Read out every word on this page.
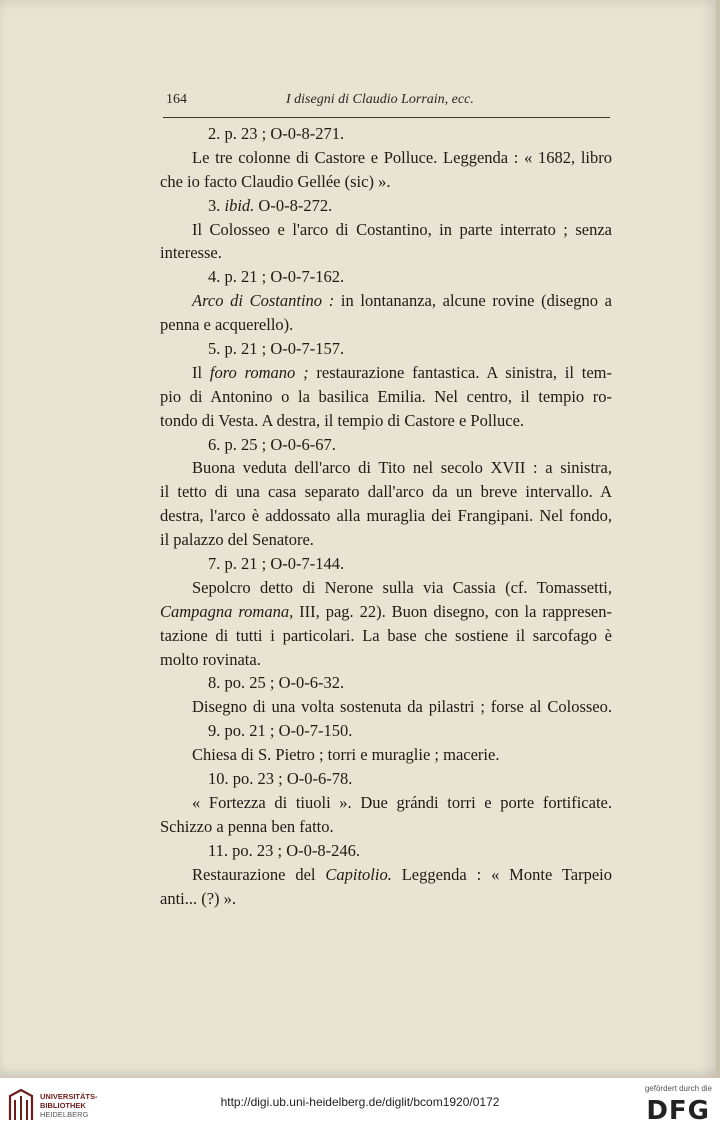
164	I disegni di Claudio Lorrain, ecc.
2. p. 23 ; O-0-8-271.
Le tre colonne di Castore e Polluce. Leggenda : « 1682, libro
che io facto Claudio Gellée (sic) ».
3. ibid. O-0-8-272.
Il Colosseo e l'arco di Costantino, in parte interrato ; senza
interesse.
4. p. 21 ; O-0-7-162.
Arco di Costantino : in lontananza, alcune rovine (disegno a
penna e acquerello).
5. p. 21 ; O-0-7-157.
Il foro romano ; restaurazione fantastica. A sinistra, il tem-
pio di Antonino o la basilica Emilia. Nel centro, il tempio ro-
tondo di Vesta. A destra, il tempio di Castore e Polluce.
6. p. 25 ; O-0-6-67.
Buona veduta dell'arco di Tito nel secolo XVII : a sinistra,
il tetto di una casa separato dall'arco da un breve intervallo. A
destra, l'arco è addossato alla muraglia dei Frangipani. Nel fondo,
il palazzo del Senatore.
7. p. 21 ; O-0-7-144.
Sepolcro detto di Nerone sulla via Cassia (cf. Tomassetti,
Campagna romana, III, pag. 22). Buon disegno, con la rappresen-
tazione di tutti i particolari. La base che sostiene il sarcofago è
molto rovinata.
8. po. 25 ; O-0-6-32.
Disegno di una volta sostenuta da pilastri ; forse al Colosseo.
9. po. 21 ; O-0-7-150.
Chiesa di S. Pietro ; torri e muraglie ; macerie.
10. po. 23 ; O-0-6-78.
« Fortezza di tiuoli ». Due grándi torri e porte fortificate.
Schizzo a penna ben fatto.
11. po. 23 ; O-0-8-246.
Restaurazione del Capitolio. Leggenda : « Monte Tarpeio
anti... (?) ».
UNIVERSITÄTS-
BIBLIOTHEK
HEIDELBERG
http://digi.ub.uni-heidelberg.de/diglit/bcom1920/0172
gefördert durch die
DFG
